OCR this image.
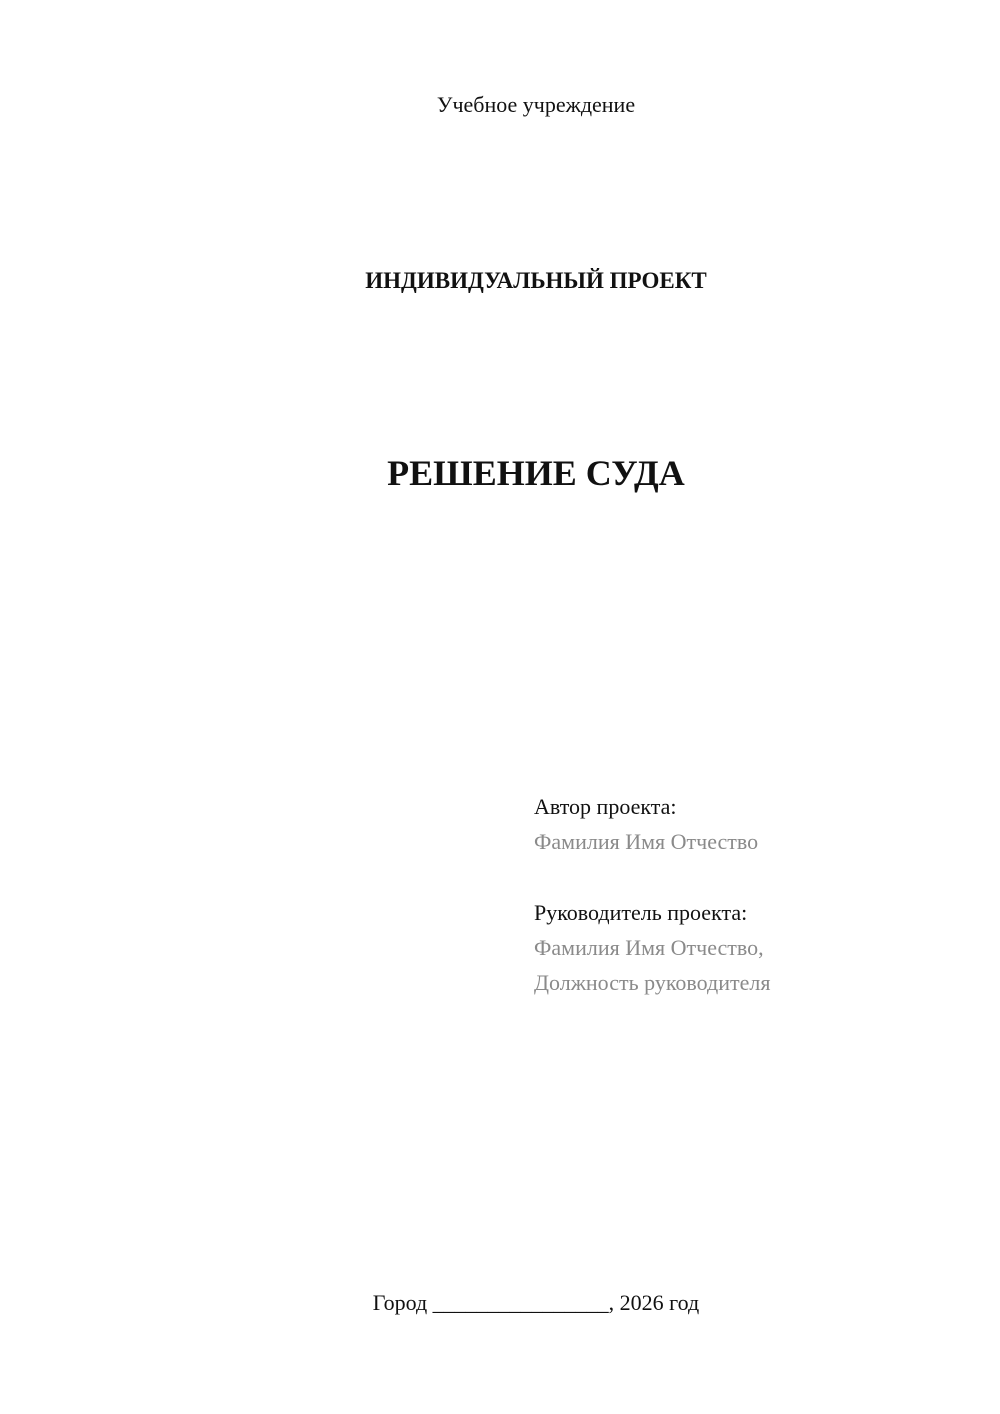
Учебное учреждение
ИНДИВИДУАЛЬНЫЙ ПРОЕКТ
РЕШЕНИЕ СУДА
Автор проекта:
Фамилия Имя Отчество
Руководитель проекта:
Фамилия Имя Отчество,
Должность руководителя
Город ________________, 2026 год
